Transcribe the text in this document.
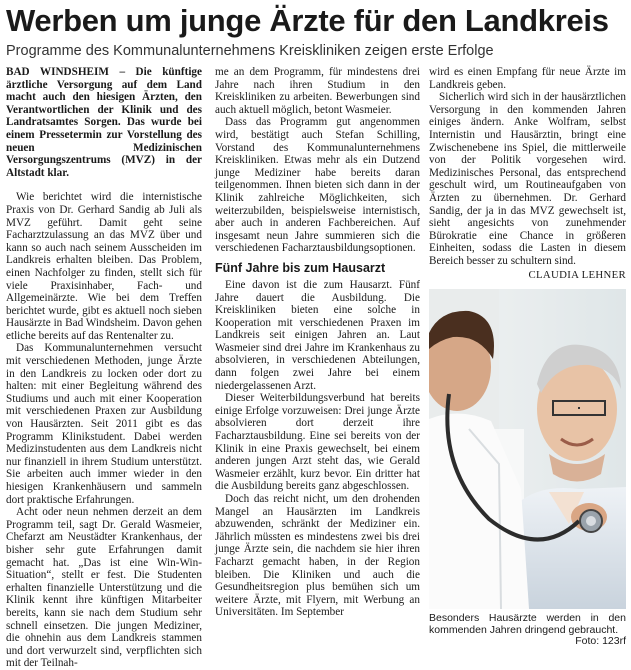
Werben um junge Ärzte für den Landkreis
Programme des Kommunalunternehmens Kreiskliniken zeigen erste Erfolge

BAD WINDSHEIM – Die künftige ärztliche Versorgung auf dem Land macht auch den hiesigen Ärzten, den Verantwortlichen der Klinik und des Landratsamtes Sorgen. Das wurde bei einem Pressetermin zur Vorstellung des neuen Medizinischen Versorgungszentrums (MVZ) in der Altstadt klar.

Wie berichtet wird die internistische Praxis von Dr. Gerhard Sandig ab Juli als MVZ geführt. Damit geht seine Facharztzulassung an das MVZ über und kann so auch nach seinem Ausscheiden im Landkreis erhalten bleiben. Das Problem, einen Nachfolger zu finden, stellt sich für viele Praxisinhaber, Fach- und Allgemeinärzte. Wie bei dem Treffen berichtet wurde, gibt es aktuell noch sieben Hausärzte in Bad Windsheim. Davon gehen etliche bereits auf das Rentenalter zu.

Das Kommunalunternehmen versucht mit verschiedenen Methoden, junge Ärzte in den Landkreis zu locken oder dort zu halten: mit einer Begleitung während des Studiums und auch mit einer Kooperation mit verschiedenen Praxen zur Ausbildung von Hausärzten. Seit 2011 gibt es das Programm Klinikstudent. Dabei werden Medizinstudenten aus dem Landkreis nicht nur finanziell in ihrem Studium unterstützt. Sie arbeiten auch immer wieder in den hiesigen Krankenhäusern und sammeln dort praktische Erfahrungen.

Acht oder neun nehmen derzeit an dem Programm teil, sagt Dr. Gerald Wasmeier, Chefarzt am Neustädter Krankenhaus, der bisher sehr gute Erfahrungen damit gemacht hat. „Das ist eine Win-Win-Situation“, stellt er fest. Die Studenten erhalten finanzielle Unterstützung und die Klinik kennt ihre künftigen Mitarbeiter bereits, kann sie nach dem Studium sehr schnell einsetzen. Die jungen Mediziner, die ohnehin aus dem Landkreis stammen und dort verwurzelt sind, verpflichten sich mit der Teilnah-

me an dem Programm, für mindestens drei Jahre nach ihren Studium in den Kreiskliniken zu arbeiten. Bewerbungen sind auch aktuell möglich, betont Wasmeier.

Dass das Programm gut angenommen wird, bestätigt auch Stefan Schilling, Vorstand des Kommunalunternehmens Kreiskliniken. Etwas mehr als ein Dutzend junge Mediziner habe bereits daran teilgenommen. Ihnen bieten sich dann in der Klinik zahlreiche Möglichkeiten, sich weiterzubilden, beispielsweise internistisch, aber auch in anderen Fachbereichen. Auf insgesamt neun Jahre summieren sich die verschiedenen Facharztausbildungsoptionen.

Fünf Jahre bis zum Hausarzt

Eine davon ist die zum Hausarzt. Fünf Jahre dauert die Ausbildung. Die Kreiskliniken bieten eine solche in Kooperation mit verschiedenen Praxen im Landkreis seit einigen Jahren an. Laut Wasmeier sind drei Jahre im Krankenhaus zu absolvieren, in verschiedenen Abteilungen, dann folgen zwei Jahre bei einem niedergelassenen Arzt.

Dieser Weiterbildungsverbund hat bereits einige Erfolge vorzuweisen: Drei junge Ärzte absolvieren dort derzeit ihre Facharztausbildung. Eine sei bereits von der Klinik in eine Praxis gewechselt, bei einem anderen jungen Arzt steht das, wie Gerald Wasmeier erzählt, kurz bevor. Ein dritter hat die Ausbildung bereits ganz abgeschlossen.

Doch das reicht nicht, um den drohenden Mangel an Hausärzten im Landkreis abzuwenden, schränkt der Mediziner ein. Jährlich müssten es mindestens zwei bis drei junge Ärzte sein, die nachdem sie hier ihren Facharzt gemacht haben, in der Region bleiben. Die Kliniken und auch die Gesundheitsregion plus bemühen sich um weitere Ärzte, mit Flyern, mit Werbung an Universitäten. Im September

wird es einen Empfang für neue Ärzte im Landkreis geben.

Sicherlich wird sich in der hausärztlichen Versorgung in den kommenden Jahren einiges ändern. Anke Wolfram, selbst Internistin und Hausärztin, bringt eine Zwischenebene ins Spiel, die mittlerweile von der Politik vorgesehen wird. Medizinisches Personal, das entsprechend geschult wird, um Routineaufgaben von Ärzten zu übernehmen. Dr. Gerhard Sandig, der ja in das MVZ gewechselt ist, sieht angesichts von zunehmender Bürokratie eine Chance in größeren Einheiten, sodass die Lasten in diesem Bereich besser zu schultern sind.

CLAUDIA LEHNER
Besonders Hausärzte werden in den kommenden Jahren dringend gebraucht.
Foto: 123rf
